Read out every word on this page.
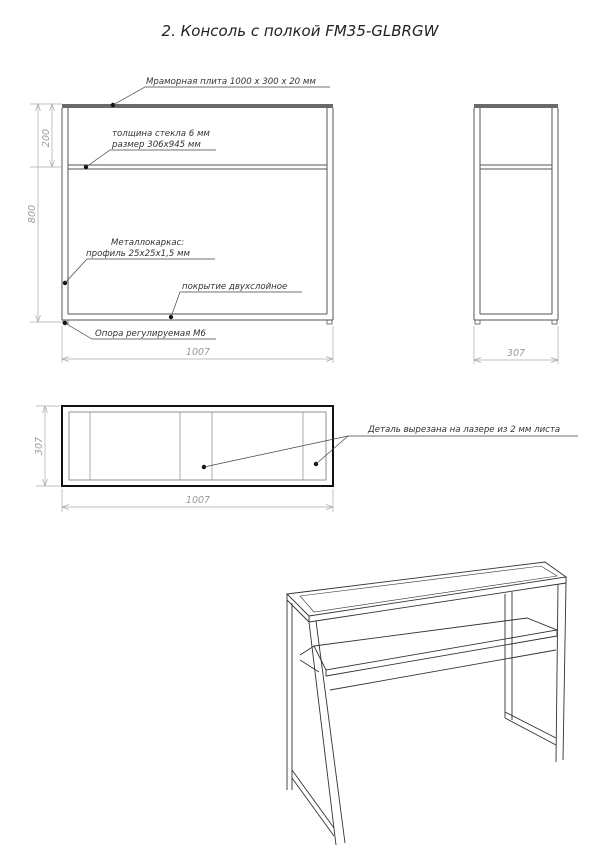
2. Консоль с полкой FM35-GLBRGW
800
200
1007
Мраморная плита 1000 х 300 х 20 мм
толщина стекла 6 мм
размер 306х945 мм
Металлокаркас:
профиль 25х25х1,5 мм
покрытие двухслойное
Опора регулируемая М6
307
307
1007
Деталь вырезана на лазере из 2 мм листа
